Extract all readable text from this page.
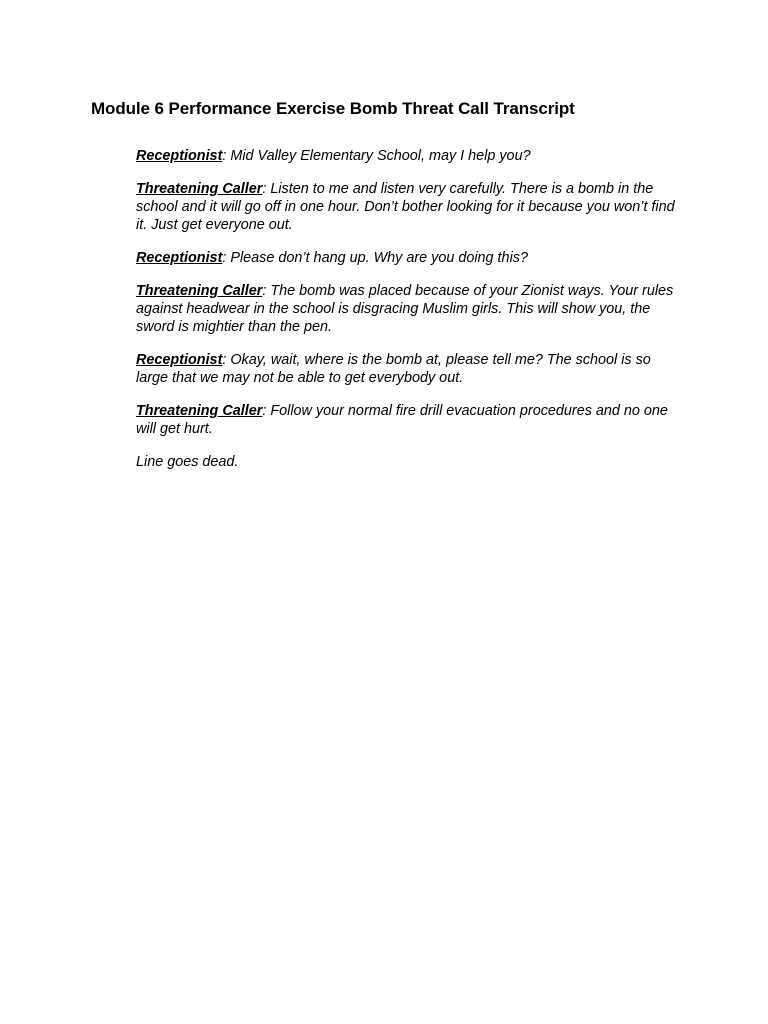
Module 6 Performance Exercise Bomb Threat Call Transcript

Receptionist: Mid Valley Elementary School, may I help you?

Threatening Caller: Listen to me and listen very carefully. There is a bomb in the school and it will go off in one hour. Don’t bother looking for it because you won’t find it. Just get everyone out.

Receptionist: Please don’t hang up. Why are you doing this?

Threatening Caller: The bomb was placed because of your Zionist ways. Your rules against headwear in the school is disgracing Muslim girls. This will show you, the sword is mightier than the pen.

Receptionist: Okay, wait, where is the bomb at, please tell me? The school is so large that we may not be able to get everybody out.

Threatening Caller: Follow your normal fire drill evacuation procedures and no one will get hurt.

Line goes dead.
